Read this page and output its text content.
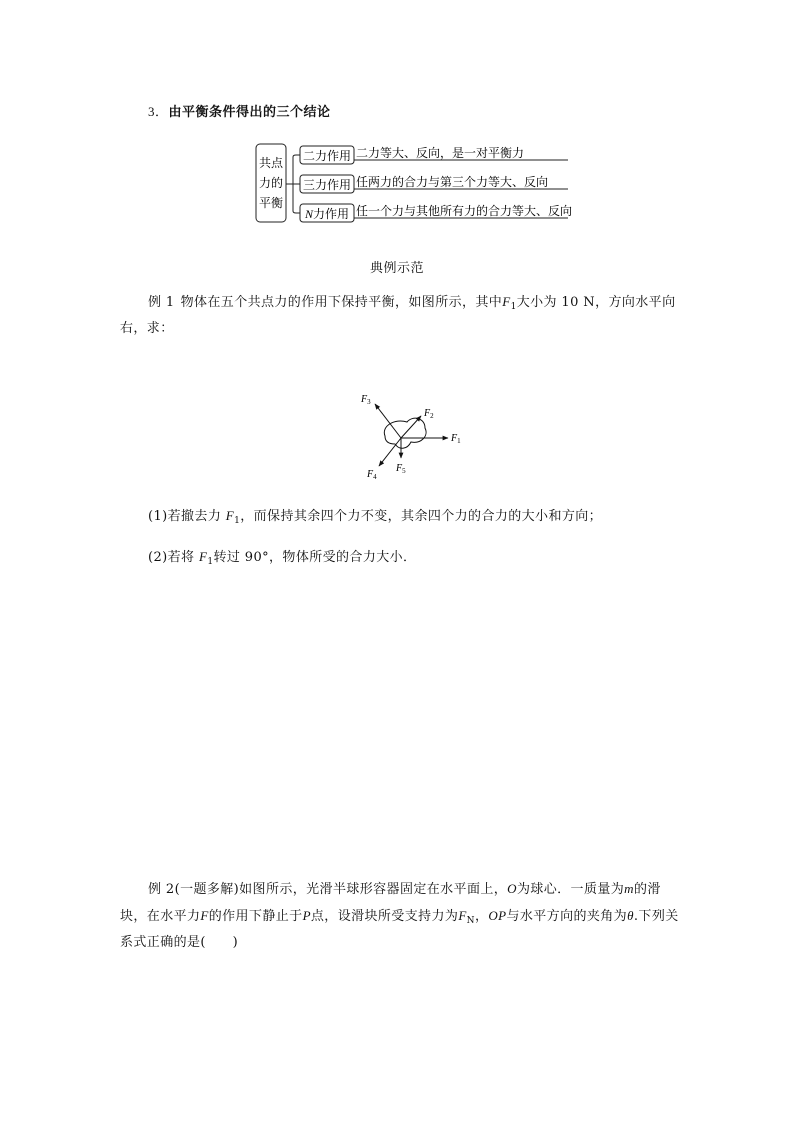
3．由平衡条件得出的三个结论
共点
力的
平衡
二力作用 二力等大、反向，是一对平衡力
三力作用 任两力的合力与第三个力等大、反向
N力作用 任一个力与其他所有力的合力等大、反向
典例示范
例 1 物体在五个共点力的作用下保持平衡，如图所示，其中$F_1$大小为 10 N，方向水平向右，求：
$F_1$
$F_2$
$F_3$
$F_4$
$F_5$
(1)若撤去力 $F_1$，而保持其余四个力不变，其余四个力的合力的大小和方向；
(2)若将 $F_1$转过 90°，物体所受的合力大小．
例 2(一题多解)如图所示，光滑半球形容器固定在水平面上，O为球心．一质量为m的滑块，在水平力F的作用下静止于P点，设滑块所受支持力为$F_N$，OP与水平方向的夹角为θ.下列关系式正确的是(　　)
